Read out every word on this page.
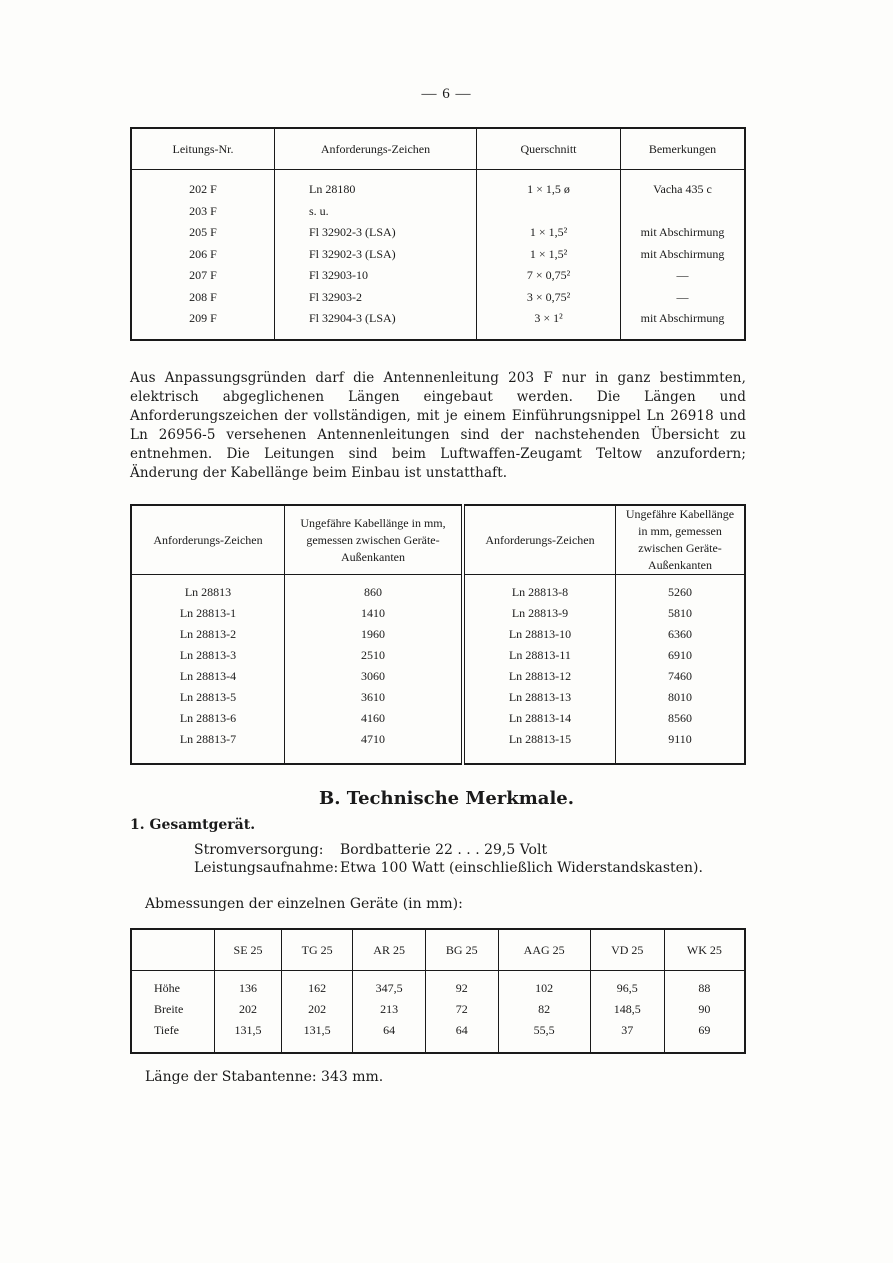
— 6 —
Leitungs-Nr.	Anforderungs-Zeichen	Querschnitt	Bemerkungen
202 F	Ln 28180	1 × 1,5 ø	Vacha 435 c
203 F	s. u.		
205 F	Fl 32902-3 (LSA)	1 × 1,5²	mit Abschirmung
206 F	Fl 32902-3 (LSA)	1 × 1,5²	mit Abschirmung
207 F	Fl 32903-10	7 × 0,75²	—
208 F	Fl 32903-2	3 × 0,75²	—
209 F	Fl 32904-3 (LSA)	3 × 1²	mit Abschirmung
Aus Anpassungsgründen darf die Antennenleitung 203 F nur in ganz bestimmten, elektrisch abgeglichenen Längen eingebaut werden. Die Längen und Anforderungszeichen der vollständigen, mit je einem Einführungsnippel Ln 26918 und Ln 26956-5 versehenen Antennenleitungen sind der nachstehenden Übersicht zu entnehmen. Die Leitungen sind beim Luftwaffen-Zeugamt Teltow anzufordern; Änderung der Kabellänge beim Einbau ist unstatthaft.
Anforderungs-Zeichen	Ungefähre Kabellänge in mm, gemessen zwischen Geräte-Außenkanten	Anforderungs-Zeichen	Ungefähre Kabellänge in mm, gemessen zwischen Geräte-Außenkanten
Ln 28813	860	Ln 28813-8	5260
Ln 28813-1	1410	Ln 28813-9	5810
Ln 28813-2	1960	Ln 28813-10	6360
Ln 28813-3	2510	Ln 28813-11	6910
Ln 28813-4	3060	Ln 28813-12	7460
Ln 28813-5	3610	Ln 28813-13	8010
Ln 28813-6	4160	Ln 28813-14	8560
Ln 28813-7	4710	Ln 28813-15	9110
B. Technische Merkmale.
1. Gesamtgerät.
Stromversorgung: Bordbatterie 22 . . . 29,5 Volt
Leistungsaufnahme: Etwa 100 Watt (einschließlich Widerstandskasten).
Abmessungen der einzelnen Geräte (in mm):
	SE 25	TG 25	AR 25	BG 25	AAG 25	VD 25	WK 25
Höhe	136	162	347,5	92	102	96,5	88
Breite	202	202	213	72	82	148,5	90
Tiefe	131,5	131,5	64	64	55,5	37	69
Länge der Stabantenne: 343 mm.
